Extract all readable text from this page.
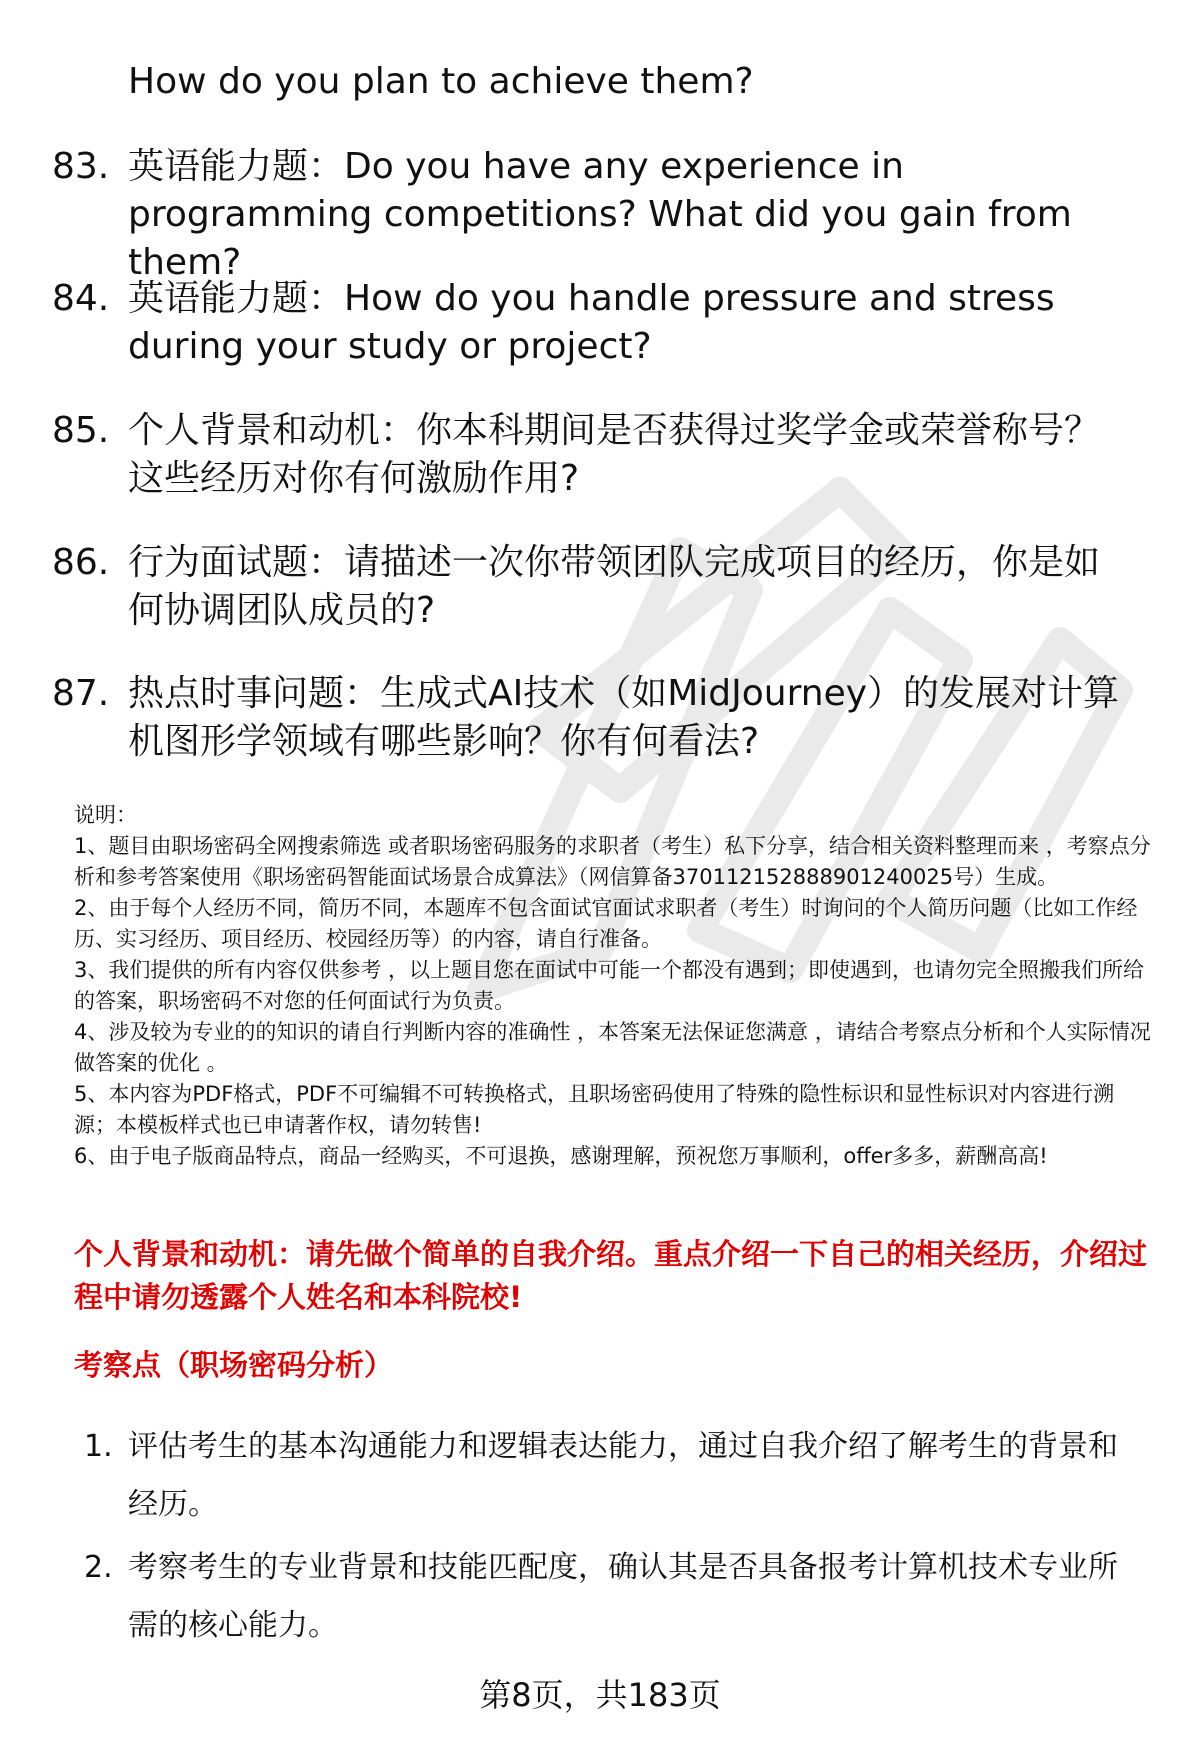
How do you plan to achieve them?
83. 英语能力题：Do you have any experience in programming competitions? What did you gain from them?
84. 英语能力题：How do you handle pressure and stress during your study or project?
85. 个人背景和动机：你本科期间是否获得过奖学金或荣誉称号？这些经历对你有何激励作用?
86. 行为面试题：请描述一次你带领团队完成项目的经历，你是如何协调团队成员的?
87. 热点时事问题：生成式AI技术（如MidJourney）的发展对计算机图形学领域有哪些影响？你有何看法?

说明：

1、题目由职场密码全网搜索筛选 或者职场密码服务的求职者（考生）私下分享，结合相关资料整理而来 ，考察点分析和参考答案使用《职场密码智能面试场景合成算法》（网信算备370112152888901240025号）生成。

2、由于每个人经历不同，简历不同，本题库不包含面试官面试求职者（考生）时询问的个人简历问题（比如工作经历、实习经历、项目经历、校园经历等）的内容，请自行准备。

3、我们提供的所有内容仅供参考 ，以上题目您在面试中可能一个都没有遇到；即使遇到，也请勿完全照搬我们所给的答案，职场密码不对您的任何面试行为负责。

4、涉及较为专业的的知识的请自行判断内容的准确性 ，本答案无法保证您满意 ，请结合考察点分析和个人实际情况做答案的优化 。

5、本内容为PDF格式，PDF不可编辑不可转换格式，且职场密码使用了特殊的隐性标识和显性标识对内容进行溯源；本模板样式也已申请著作权，请勿转售!

6、由于电子版商品特点，商品一经购买，不可退换，感谢理解，预祝您万事顺利，offer多多，薪酬高高!

个人背景和动机：请先做个简单的自我介绍。重点介绍一下自己的相关经历，介绍过程中请勿透露个人姓名和本科院校!
考察点（职场密码分析）
1. 评估考生的基本沟通能力和逻辑表达能力，通过自我介绍了解考生的背景和经历。
2. 考察考生的专业背景和技能匹配度，确认其是否具备报考计算机技术专业所需的核心能力。
第8页，共183页
